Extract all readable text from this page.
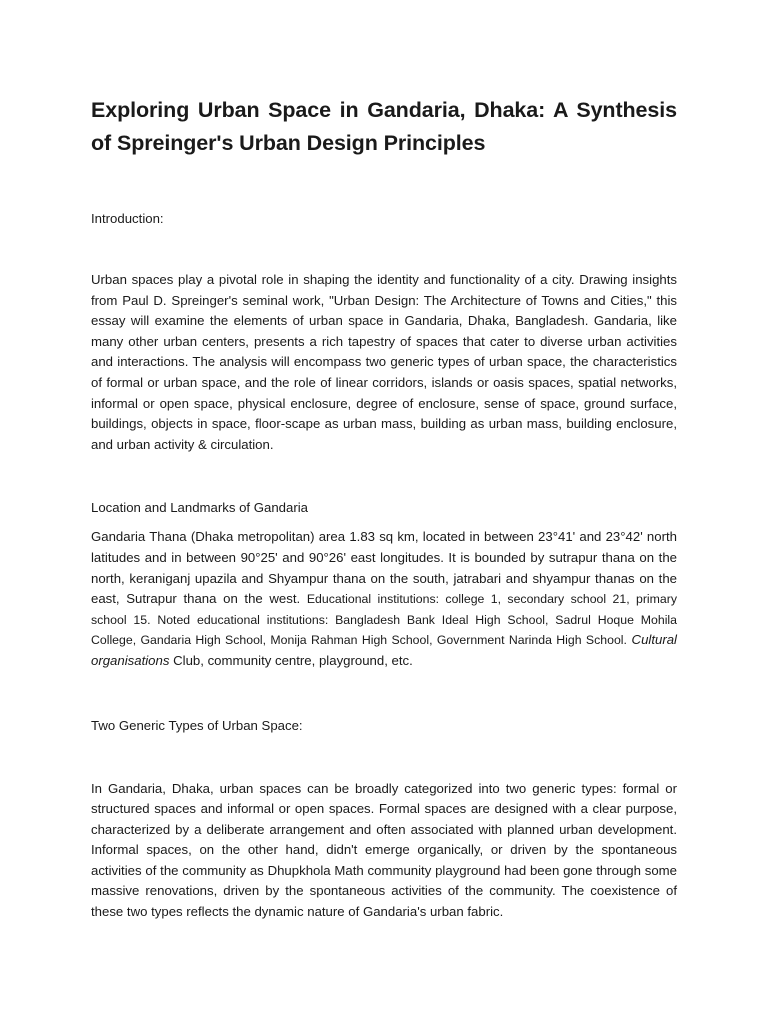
Exploring Urban Space in Gandaria, Dhaka: A Synthesis of Spreinger's Urban Design Principles

Introduction:

Urban spaces play a pivotal role in shaping the identity and functionality of a city. Drawing insights from Paul D. Spreinger's seminal work, "Urban Design: The Architecture of Towns and Cities," this essay will examine the elements of urban space in Gandaria, Dhaka, Bangladesh. Gandaria, like many other urban centers, presents a rich tapestry of spaces that cater to diverse urban activities and interactions. The analysis will encompass two generic types of urban space, the characteristics of formal or urban space, and the role of linear corridors, islands or oasis spaces, spatial networks, informal or open space, physical enclosure, degree of enclosure, sense of space, ground surface, buildings, objects in space, floor-scape as urban mass, building as urban mass, building enclosure, and urban activity & circulation.

Location and Landmarks of Gandaria

Gandaria Thana (Dhaka metropolitan) area 1.83 sq km, located in between 23°41' and 23°42' north latitudes and in between 90°25' and 90°26' east longitudes. It is bounded by sutrapur thana on the north, keraniganj upazila and Shyampur thana on the south, jatrabari and shyampur thanas on the east, Sutrapur thana on the west. Educational institutions: college 1, secondary school 21, primary school 15. Noted educational institutions: Bangladesh Bank Ideal High School, Sadrul Hoque Mohila College, Gandaria High School, Monija Rahman High School, Government Narinda High School. Cultural organisations Club, community centre, playground, etc.

Two Generic Types of Urban Space:

In Gandaria, Dhaka, urban spaces can be broadly categorized into two generic types: formal or structured spaces and informal or open spaces. Formal spaces are designed with a clear purpose, characterized by a deliberate arrangement and often associated with planned urban development. Informal spaces, on the other hand, didn't emerge organically, or driven by the spontaneous activities of the community as Dhupkhola Math community playground had been gone through some massive renovations, driven by the spontaneous activities of the community. The coexistence of these two types reflects the dynamic nature of Gandaria's urban fabric.
